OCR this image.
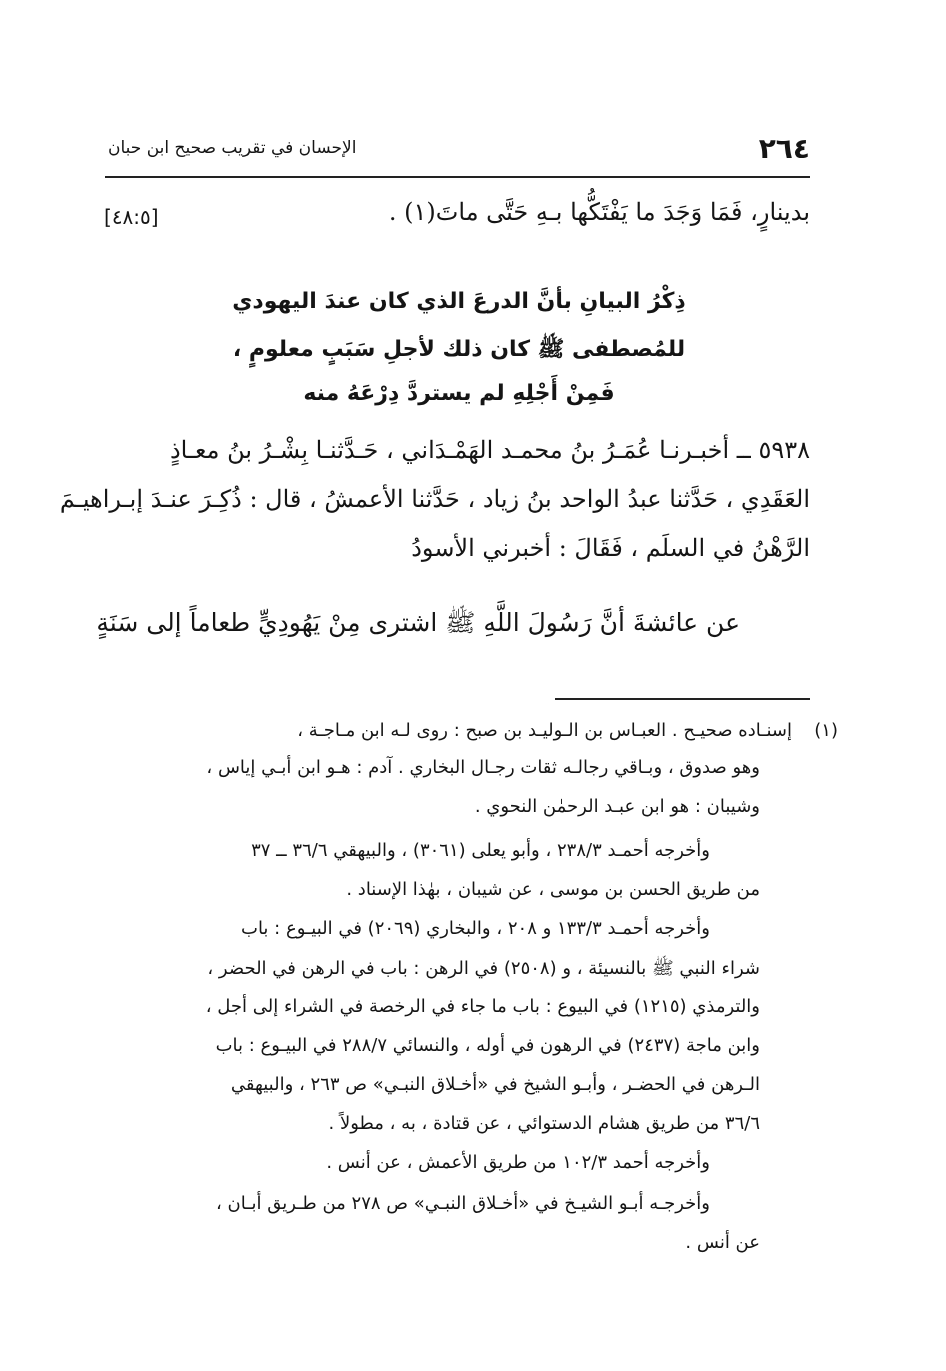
٢٦٤
الإحسان في تقريب صحيح ابن حبان
بدينارٍ، فَمَا وَجَدَ ما يَفْتَكُّها بـهِ حَتَّى ماتَ(١) .
[٤٨:٥]
ذِكْرُ البيانِ بأنَّ الدرعَ الذي كان عندَ اليهودي
للمُصطفى ﷺ كان ذلك لأجلِ سَبَبٍ معلومٍ ،
فَمِنْ أَجْلِهِ لم يستردَّ دِرْعَهُ منه
٥٩٣٨ ــ أخبـرنـا عُمَـرُ بنُ محمـد الهَمْـدَاني ، حَـدَّثنـا بِشْـرُ بنُ معـاذٍ
العَقَدِي ، حَدَّثنا عبدُ الواحد بنُ زياد ، حَدَّثنا الأعمشُ ، قال : ذُكِـرَ عنـدَ إبـراهيـمَ
الرَّهْنُ في السلَم ، فَقَالَ : أخبرني الأسودُ
عن عائشةَ أنَّ رَسُولَ اللَّهِ ﷺ اشترى مِنْ يَهُودِيٍّ طعاماً إلى سَنَةٍ
(١)
إسنـاده صحيـح . العبـاس بن الـوليـد بن صبح : روى لـه ابن مـاجـة ،
وهو صدوق ، وبـاقي رجالـه ثقات رجـال البخاري . آدم : هـو ابن أبـي إياس ،
وشيبان : هو ابن عبـد الرحمٰن النحوي .
وأخرجه أحمـد ٢٣٨/٣ ، وأبو يعلى (٣٠٦١) ، والبيهقي ٣٦/٦ ــ ٣٧
من طريق الحسن بن موسى ، عن شيبان ، بهٰذا الإسناد .
وأخرجه أحمـد ١٣٣/٣ و ٢٠٨ ، والبخاري (٢٠٦٩) في البيـوع : باب
شراء النبي ﷺ بالنسيئة ، و (٢٥٠٨) في الرهن : باب في الرهن في الحضر ،
والترمذي (١٢١٥) في البيوع : باب ما جاء في الرخصة في الشراء إلى أجل ،
وابن ماجة (٢٤٣٧) في الرهون في أوله ، والنسائي ٢٨٨/٧ في البيـوع : باب
الـرهن في الحضـر ، وأبـو الشيخ في «أخـلاق النبـي» ص ٢٦٣ ، والبيهقي
٣٦/٦ من طريق هشام الدستوائي ، عن قتادة ، به ، مطولاً .
وأخرجه أحمد ١٠٢/٣ من طريق الأعمش ، عن أنس .
وأخرجـه أبـو الشيـخ في «أخـلاق النبـي» ص ٢٧٨ من طـريق أبـان ،
عن أنس .
